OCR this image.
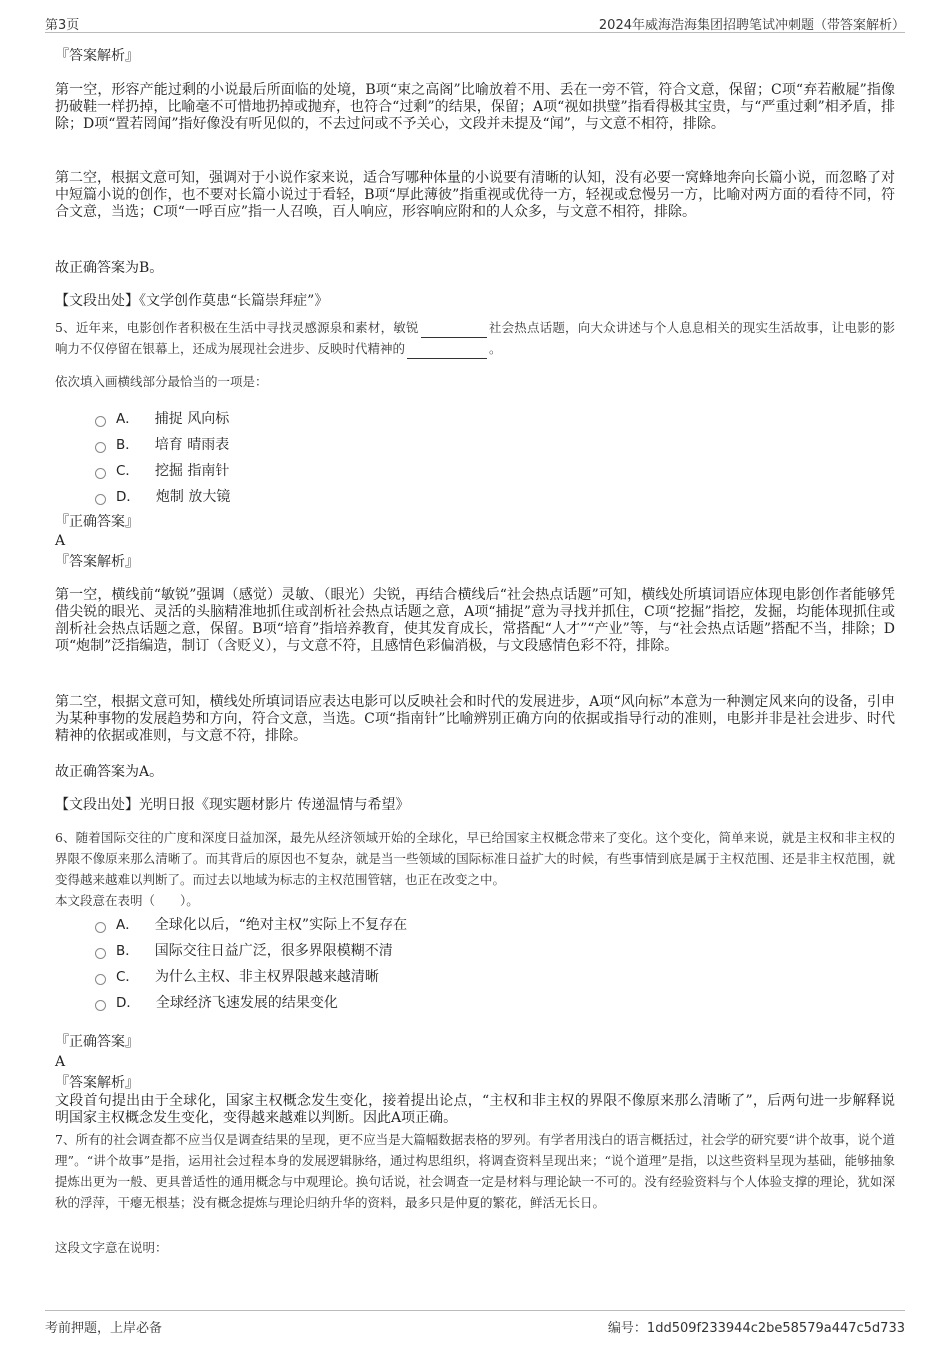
第3页	2024年威海浩海集团招聘笔试冲刺题（带答案解析）

『答案解析』

第一空，形容产能过剩的小说最后所面临的处境，B项“束之高阁”比喻放着不用、丢在一旁不管，符合文意，保留；C项“弃若敝屣”指像扔破鞋一样扔掉，比喻毫不可惜地扔掉或抛弃，也符合“过剩”的结果，保留；A项“视如拱璧”指看得极其宝贵，与“严重过剩”相矛盾，排除；D项“置若罔闻”指好像没有听见似的，不去过问或不予关心，文段并未提及“闻”，与文意不相符，排除。

第二空，根据文意可知，强调对于小说作家来说，适合写哪种体量的小说要有清晰的认知，没有必要一窝蜂地奔向长篇小说，而忽略了对中短篇小说的创作，也不要对长篇小说过于看轻，B项“厚此薄彼”指重视或优待一方，轻视或怠慢另一方，比喻对两方面的看待不同，符合文意，当选；C项“一呼百应”指一人召唤，百人响应，形容响应附和的人众多，与文意不相符，排除。

故正确答案为B。

【文段出处】《文学创作莫患“长篇崇拜症”》

5、近年来，电影创作者积极在生活中寻找灵感源泉和素材，敏锐	社会热点话题，向大众讲述与个人息息相关的现实生活故事，让电影的影响力不仅停留在银幕上，还成为展现社会进步、反映时代精神的	。

依次填入画横线部分最恰当的一项是：

A． 捕捉 风向标
B． 培育 晴雨表
C． 挖掘 指南针
D． 炮制 放大镜

『正确答案』

A

『答案解析』

第一空，横线前“敏锐”强调（感觉）灵敏、（眼光）尖锐，再结合横线后“社会热点话题”可知，横线处所填词语应体现电影创作者能够凭借尖锐的眼光、灵活的头脑精准地抓住或剖析社会热点话题之意，A项“捕捉”意为寻找并抓住，C项“挖掘”指挖，发掘，均能体现抓住或剖析社会热点话题之意，保留。B项“培育”指培养教育，使其发育成长，常搭配“人才”“产业”等，与“社会热点话题”搭配不当，排除；D项“炮制”泛指编造，制订（含贬义），与文意不符，且感情色彩偏消极，与文段感情色彩不符，排除。

第二空，根据文意可知，横线处所填词语应表达电影可以反映社会和时代的发展进步，A项“风向标”本意为一种测定风来向的设备，引申为某种事物的发展趋势和方向，符合文意，当选。C项“指南针”比喻辨别正确方向的依据或指导行动的准则，电影并非是社会进步、时代精神的依据或准则，与文意不符，排除。

故正确答案为A。

【文段出处】光明日报《现实题材影片 传递温情与希望》

6、随着国际交往的广度和深度日益加深，最先从经济领域开始的全球化，早已给国家主权概念带来了变化。这个变化，简单来说，就是主权和非主权的界限不像原来那么清晰了。而其背后的原因也不复杂，就是当一些领域的国际标准日益扩大的时候，有些事情到底是属于主权范围、还是非主权范围，就变得越来越难以判断了。而过去以地域为标志的主权范围管辖，也正在改变之中。

本文段意在表明（　　）。

A． 全球化以后，“绝对主权”实际上不复存在
B． 国际交往日益广泛，很多界限模糊不清
C． 为什么主权、非主权界限越来越清晰
D． 全球经济飞速发展的结果变化

『正确答案』

A

『答案解析』

文段首句提出由于全球化，国家主权概念发生变化，接着提出论点，“主权和非主权的界限不像原来那么清晰了”，后两句进一步解释说明国家主权概念发生变化，变得越来越难以判断。因此A项正确。

7、所有的社会调查都不应当仅是调查结果的呈现，更不应当是大篇幅数据表格的罗列。有学者用浅白的语言概括过，社会学的研究要“讲个故事，说个道理”。“讲个故事”是指，运用社会过程本身的发展逻辑脉络，通过构思组织，将调查资料呈现出来；“说个道理”是指，以这些资料呈现为基础，能够抽象提炼出更为一般、更具普适性的通用概念与中观理论。换句话说，社会调查一定是材料与理论缺一不可的。没有经验资料与个人体验支撑的理论，犹如深秋的浮萍，干瘪无根基；没有概念提炼与理论归纳升华的资料，最多只是仲夏的繁花，鲜活无长日。

这段文字意在说明：

考前押题，上岸必备	编号：1dd509f233944c2be58579a447c5d733
